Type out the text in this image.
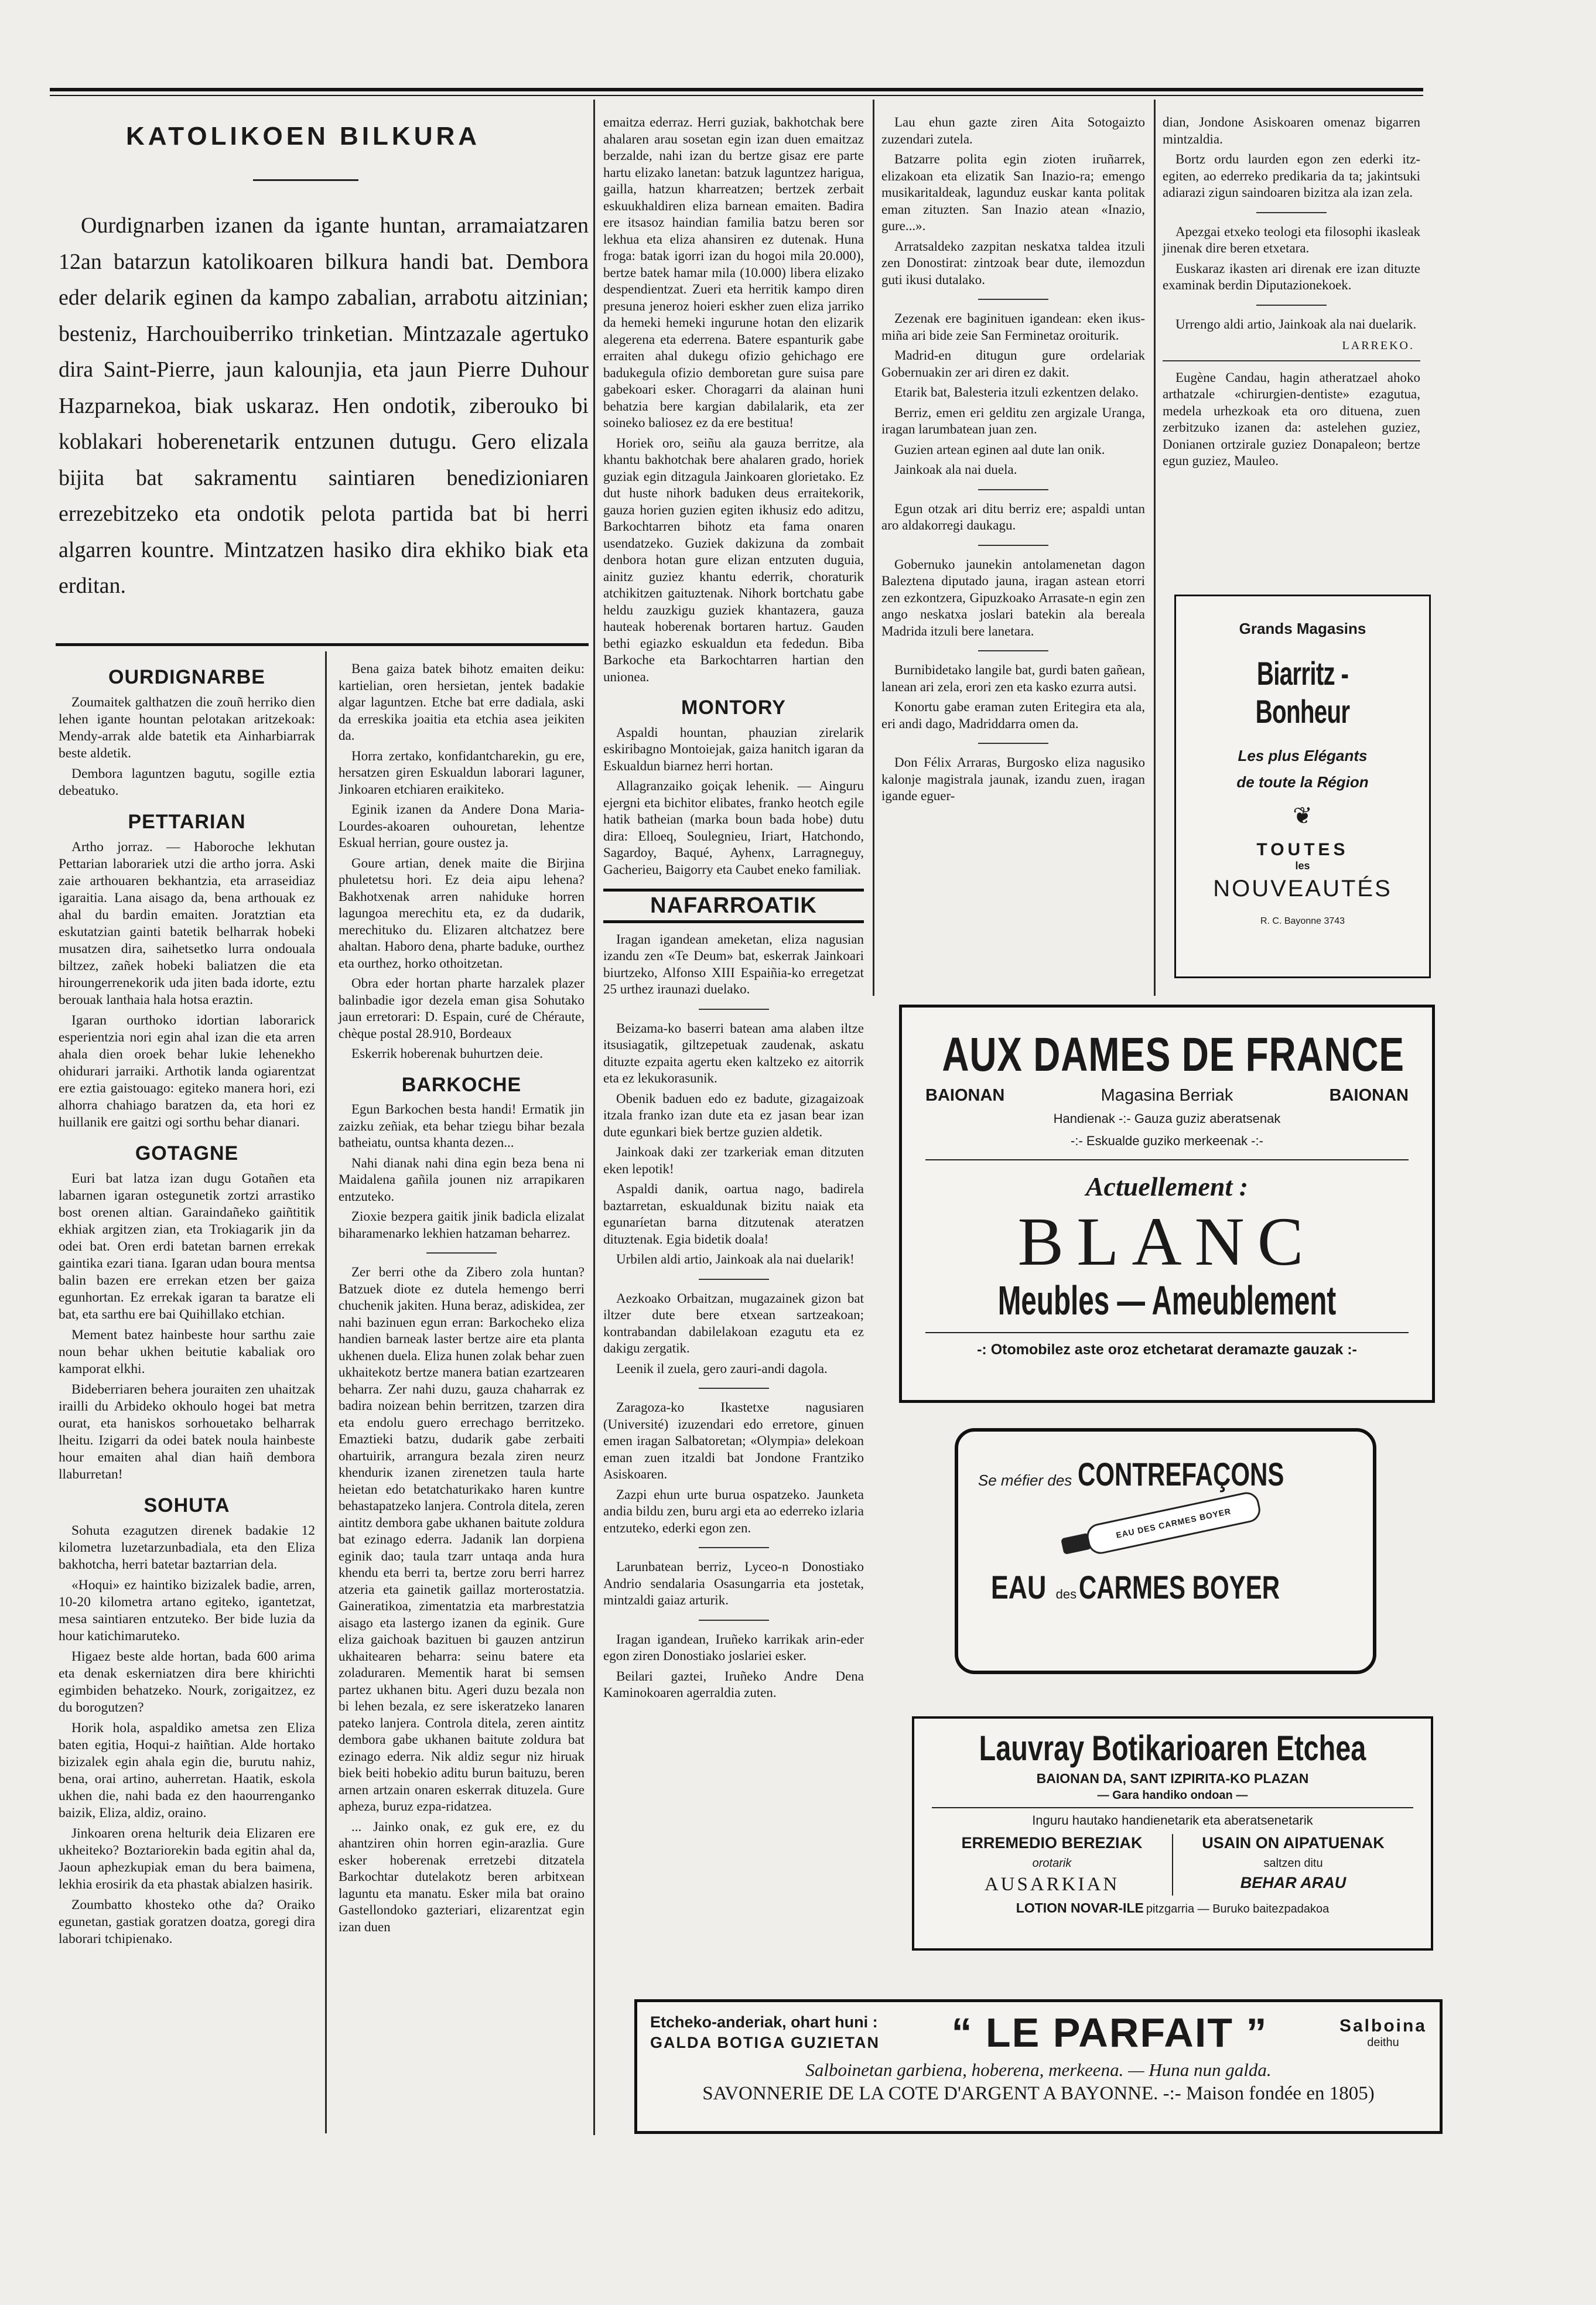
KATOLIKOEN BILKURA

Ourdignarben izanen da igante huntan, arramaiatzaren 12an batarzun katolikoaren bilkura handi bat. Dembora eder delarik eginen da kampo zabalian, arrabotu aitzinian; besteniz, Harchouiberriko trinketian. Mintzazale agertuko dira Saint-Pierre, jaun kalounjia, eta jaun Pierre Duhour Hazparnekoa, biak uskaraz. Hen ondotik, ziberouko bi koblakari hoberenetarik entzunen dutugu. Gero elizala bijita bat sakramentu saintiaren benedizioniaren errezebitzeko eta ondotik pelota partida bat bi herri algarren kountre. Mintzatzen hasiko dira ekhiko biak eta erditan.

OURDIGNARBE

Zoumaitek galthatzen die zouñ herriko dien lehen igante hountan pelotakan aritzekoak: Mendy-arrak alde batetik eta Ainharbiarrak beste aldetik.

Dembora laguntzen bagutu, sogille eztia debeatuko.

PETTARIAN

Artho jorraz. — Haboroche lekhutan Pettarian laborariek utzi die artho jorra. Aski zaie arthouaren bekhantzia, eta arraseidiaz igaraitia. Lana aisago da, bena arthouak ez ahal du bardin emaiten. Joratztian eta eskutatzian gainti batetik belharrak hobeki musatzen dira, saihetsetko lurra ondouala biltzez, zañek hobeki baliatzen die eta hiroungerrenekorik uda jiten bada idorte, eztu berouak lanthaia hala hotsa eraztin.

Igaran ourthoko idortian laborarick esperientzia nori egin ahal izan die eta arren ahala dien oroek behar lukie lehenekho ohidurari jarraiki. Arthotik landa ogiarentzat ere eztia gaistouago: egiteko manera hori, ezi alhorra chahiago baratzen da, eta hori ez huillanik ere gaitzi ogi sorthu behar dianari.

GOTAGNE

Euri bat latza izan dugu Gotañen eta labarnen igaran ostegunetik zortzi arrastiko bost orenen altian. Garaindañeko gaiñtitik ekhiak argitzen zian, eta Trokiagarik jin da odei bat. Oren erdi batetan barnen errekak gaintika ezari tiana. Igaran udan boura mentsa balin bazen ere errekan etzen ber gaiza egunhortan. Ez errekak igaran ta baratze eli bat, eta sarthu ere bai Quihillako etchian.

Mement batez hainbeste hour sarthu zaie noun behar ukhen beitutie kabaliak oro kamporat elkhi.

Bideberriaren behera jouraiten zen uhaitzak irailli du Arbideko okhoulo hogei bat metra ourat, eta haniskos sorhouetako belharrak lheitu. Izigarri da odei batek noula hainbeste hour emaiten ahal dian haiñ dembora llaburretan!

SOHUTA

Sohuta ezagutzen direnek badakie 12 kilometra luzetarzunbadiala, eta den Eliza bakhotcha, herri batetar baztarrian dela.

«Hoqui» ez haintiko bizizalek badie, arren, 10-20 kilometra artano egiteko, igantetzat, mesa saintiaren entzuteko. Ber bide luzia da hour katichimaruteko.

Higaez beste alde hortan, bada 600 arima eta denak eskerniatzen dira bere khirichti egimbiden behatzeko. Nourk, zorigaitzez, ez du borogutzen?

Horik hola, aspaldiko ametsa zen Eliza baten egitia, Hoqui-z haiñtian. Alde hortako bizizalek egin ahala egin die, burutu nahiz, bena, orai artino, auherretan. Haatik, eskola ukhen die, nahi bada ez den haourrenganko baizik, Eliza, aldiz, oraino.

Jinkoaren orena helturik deia Elizaren ere ukheiteko? Boztariorekin bada egitin ahal da, Jaoun aphezkupiak eman du bera baimena, lekhia erosirik da eta phastak abialzen hasirik.

Zoumbatto khosteko othe da? Oraiko egunetan, gastiak goratzen doatza, goregi dira laborari tchipienako.

Bena gaiza batek bihotz emaiten deiku: kartielian, oren hersietan, jentek badakie algar laguntzen. Etche bat erre dadiala, aski da erreskika joaitia eta etchia asea jeikiten da.

Horra zertako, konfidantcharekin, gu ere, hersatzen giren Eskualdun laborari laguner, Jinkoaren etchiaren eraikiteko.

Eginik izanen da Andere Dona Maria-Lourdes-akoaren ouhouretan, lehentze Eskual herrian, goure oustez ja.

Goure artian, denek maite die Birjina phuletetsu hori. Ez deia aipu lehena? Bakhotxenak arren nahiduke horren lagungoa merechitu eta, ez da dudarik, merechituko du. Elizaren altchatzez bere ahaltan. Haboro dena, pharte baduke, ourthez eta ourthez, horko othoitzetan.

Obra eder hortan pharte harzalek plazer balinbadie igor dezela eman gisa Sohutako jaun erretorari: D. Espain, curé de Chéraute, chèque postal 28.910, Bordeaux

Eskerrik hoberenak buhurtzen deie.

BARKOCHE

Egun Barkochen besta handi! Ermatik jin zaizku zeñiak, eta behar tziegu bihar bezala batheiatu, ountsa khanta dezen...

Nahi dianak nahi dina egin beza bena ni Maidalena gañila jounen niz arrapikaren entzuteko.

Zioxie bezpera gaitik jinik badicla elizalat biharamenarko lekhien hatzaman beharrez.

Zer berri othe da Zibero zola huntan? Batzuek diote ez dutela hemengo berri chuchenik jakiten. Huna beraz, adiskidea, zer nahi bazinuen egun erran: Barkocheko eliza handien barneak laster bertze aire eta planta ukhenen duela. Eliza hunen zolak behar zuen ukhaitekotz bertze manera batian ezartzearen beharra. Zer nahi duzu, gauza chaharrak ez badira noizean behin berritzen, tzarzen dira eta endolu guero errechago berritzeko. Emaztieki batzu, dudarik gabe zerbaiti ohartuirik, arrangura bezala ziren neurz khenduriк izanen zirenetzen taula harte heietan edo betatchaturikako haren kuntre behastapatzeko lanjera. Controla ditela, zeren aintitz dembora gabe ukhanen baitute zoldura bat ezinago ederra. Jadanik lan dorpiena eginik dao; taula tzarr untaqa anda hura khendu eta berri ta, bertze zoru berri harrez atzeria eta gainetik gaillaz morterostatzia. Gaineratikoa, zimentatzia eta marbrestatzia aisago eta lastergo izanen da eginik. Gure eliza gaichoak bazituen bi gauzen antzirun ukhaitearen beharra: seinu batere eta zoladuraren. Mementik harat bi semsen partez ukhanen bitu. Ageri duzu bezala non bi lehen bezala, ez sere iskeratzeko lanaren pateko lanjera. Controla ditela, zeren aintitz dembora gabe ukhanen baitute zoldura bat ezinago ederra. Nik aldiz segur niz hiruak biek beiti hobekio aditu burun baituzu, beren arnen artzain onaren eskerrak dituzela. Gure apheza, buruz ezpa-ridatzea.

... Jainko onak, ez guk ere, ez du ahantziren ohin horren egin-arazlia. Gure esker hoberenak erretzebi ditzatela Barkochtar dutelakotz beren arbitxean laguntu eta manatu. Esker mila bat oraino Gastellondoko gazteriari, elizarentzat egin izan duen

emaitza ederraz. Herri guziak, bakhotchak bere ahalaren arau sosetan egin izan duen emaitzaz berzalde, nahi izan du bertze gisaz ere parte hartu elizako lanetan: batzuk laguntzez harigua, gailla, hatzun kharreatzen; bertzek zerbait eskuukhaldiren eliza barnean emaiten. Badira ere itsasoz haindian familia batzu beren sor lekhua eta eliza ahansiren ez dutenak. Huna froga: batak igorri izan du hogoi mila 20.000), bertze batek hamar mila (10.000) libera elizako despendientzat. Zueri eta herritik kampo diren presuna jenerоz hoieri eskher zuen eliza jarriko da hemeki hemeki ingurune hotan den elizarik alegerena eta ederrena. Batere espanturik gabe erraiten ahal dukegu ofizio gehichago ere badukegula ofizio demboretan gure suisa pare gabekoari esker. Choragarri da alainan huni behatzia bere kargian dabilalarik, eta zer soineko baliosez ez da ere bestitua!

Horiek oro, seiñu ala gauza berritze, ala khantu bakhotchak bere ahalaren grado, horiek guziak egin ditzagula Jainkoaren glorietako. Ez dut huste nihork baduken deus erraitekorik, gauza horien guzien egiten ikhusiz edo aditzu, Barkochtarren bihotz eta fama onaren usendatzeko. Guziek dakizuna da zombait denbora hotan gure elizan entzuten duguia, ainitz guziez khantu ederrik, choraturik atchikitzen gaituztenak. Nihork bortchatu gabe heldu zauzkigu guziek khantazera, gauza hauteak hoberenak bortaren hartuz. Gauden bethi egiazko eskualdun eta fededun. Biba Barkoche eta Barkochtarren hartian den unionea.

MONTORY

Aspaldi hountan, phauzian zirelarik eskiribagno Montoiejak, gaiza hanitch igaran da Eskualdun biarnez herri hortan.

Allagranzaiko goiçak lehenik. — Ainguru ejergni eta bichitor elibates, franko heotch egile hatik batheian (marka boun bada hobe) dutu dira: Elloeq, Soulegnieu, Iriart, Hatchondo, Sagardoy, Baqué, Ayhenx, Larragneguy, Gacherieu, Baigorry eta Caubet eneko familiak.

NAFARROATIK

Iragan igandean ameketan, eliza nagusian izandu zen «Te Deum» bat, eskerrak Jainkoari biurtzeko, Alfonso XIII Espaiñia-ko erregetzat 25 urthez iraunazi duelako.

Beizama-ko baserri batean ama alaben iltze itsusiagatik, giltzepetuak zaudenak, askatu dituzte ezpaita agertu eken kaltzeko ez aitorrik eta ez lekukorasunik.

Obenik baduen edo ez badute, gizagaizoak itzala franko izan dute eta ez jasan bear izan dute egunkari biek bertze guzien aldetik.

Jainkoak daki zer tzarkeriak eman ditzuten eken lepotik!

Aspaldi danik, oartua nago, badirela baztarretan, eskualdunak bizitu naiak eta egunaríetan barna ditzutenak ateratzen dituztenak. Egia bidetik doala!

Urbilen aldi artio, Jainkoak ala nai duelarik!

Aezkoako Orbaitzan, mugazainek gizon bat iltzer dute bere etxean sartzeakoan; kontrabandan dabilelakoan ezagutu eta ez dakigu zergatik.

Leenik il zuela, gero zauri-andi dagola.

Zaragoza-ko Ikastetxe nagusiaren (Université) izuzendari edo erretore, ginuen emen iragan Salbatoretan; «Olympia» delekoan eman zuen itzaldi bat Jondone Frantziko Asiskoaren.

Zazpi ehun urte burua ospatzeko. Jaunketa andia bildu zen, buru argi eta ao ederreko izlaria entzuteko, ederki egon zen.

Larunbatean berriz, Lyceo-n Donostiako Andrio sendalaria Osasungarria eta jostetak, mintzaldi gaiaz arturik.

Iragan igandean, Iruñeko karrikak arin-eder egon ziren Donostiako joslariei esker.

Beilari gaztei, Iruñeko Andre Dena Kaminokoaren agerraldia zuten.

Lau ehun gazte ziren Aita Sotogaizto zuzendari zutela.

Batzarre polita egin zioten iruñarrek, elizakoan eta elizatik San Inazio-ra; emengo musikaritaldeak, lagunduz euskar kanta politak eman zituzten. San Inazio atean «Inazio, gure...».

Arratsaldeko zazpitan neskatxa taldea itzuli zen Donostirat: zintzoak bear dute, ilemozdun guti ikusi dutalako.

Zezenak ere baginituen igandean: eken ikus-miña ari bide zeie San Ferminetaz oroiturik.

Madrid-en ditugun gure ordelariak Gobernuakin zer ari diren ez dakit.

Etarik bat, Balesteria itzuli ezkentzen delako.

Berriz, emen eri gelditu zen argizale Uranga, iragan larumbatean juan zen.

Guzien artean eginen aal dute lan onik.

Jainkoak ala nai duela.

Egun otzak ari ditu berriz ere; aspaldi untan aro aldakorregi daukagu.

Gobernuko jaunekin antolamenetan dagon Baleztena diputado jauna, iragan astean etorri zen ezkontzera, Gipuzkoako Arrasate-n egin zen ango neskatxa joslari batekin ala bereala Madrida itzuli bere lanetara.

Burnibidetako langile bat, gurdi baten gañean, lanean ari zela, erori zen eta kasko ezurra autsi.

Konortu gabe eraman zuten Eritegira eta ala, eri andi dago, Madriddarra omen da.

Don Félix Arraras, Burgosko eliza nagusiko kalonje magistrala jaunak, izandu zuen, iragan igande eguer-

dian, Jondone Asiskoaren omenaz bigarren mintzaldia.

Bortz ordu laurden egon zen ederki itz-egiten, ao ederreko predikaria da ta; jakintsuki adiarazi zigun saindoaren bizitza ala izan zela.

Apezgai etxeko teologi eta filosophi ikasleak jinenak dire beren etxetara.

Euskaraz ikasten ari direnak ere izan dituzte examinak berdin Diputazionekoek.

Urrengo aldi artio, Jainkoak ala nai duelarik.

LARREKO.

Eugène Candau, hagin atheratzael ahoko arthatzale «chirurgien-dentiste» ezagutua, medela urhezkoak eta oro dituena, zuen zerbitzuko izanen da: astelehen guziez, Donianen ortzirale guziez Donapaleon; bertze egun guziez, Mauleo.

Grands Magasins
Biarritz - Bonheur
Les plus Elégants
de toute la Région
❦
TOUTES
les
NOUVEAUTÉS
R. C. Bayonne 3743
AUX DAMES DE FRANCE
BAIONAN	Magasina Berriak	BAIONAN
Handienak -:- Gauza guziz aberatsenak
-:- Eskualde guziko merkeenak -:-
Actuellement :
BLANC
Meubles — Ameublement
-: Otomobilez aste oroz etchetarat deramazte gauzak :-
Se méfier des CONTREFAÇONS
EAU DES CARMES BOYER
EAU des CARMES BOYER
Lauvray Botikarioaren Etchea
BAIONAN DA, SANT IZPIRITA-KO PLAZAN
— Gara handiko ondoan —
Inguru hautako handienetarik eta aberatsenetarik
ERREMEDIO BEREZIAK
orotarik
AUSARKIAN
USAIN ON AIPATUENAK
saltzen ditu
BEHAR ARAU
LOTION NOVAR-ILE pitzgarria — Buruko baitezpadakoa
Etcheko-anderiak, ohart huni :
GALDA BOTIGA GUZIETAN “ LE PARFAIT ”	Salboina
deithu
Salboinetan garbiena, hoberena, merkeena. — Huna nun galda.
SAVONNERIE DE LA COTE D'ARGENT A BAYONNE. -:- Maison fondée en 1805)
